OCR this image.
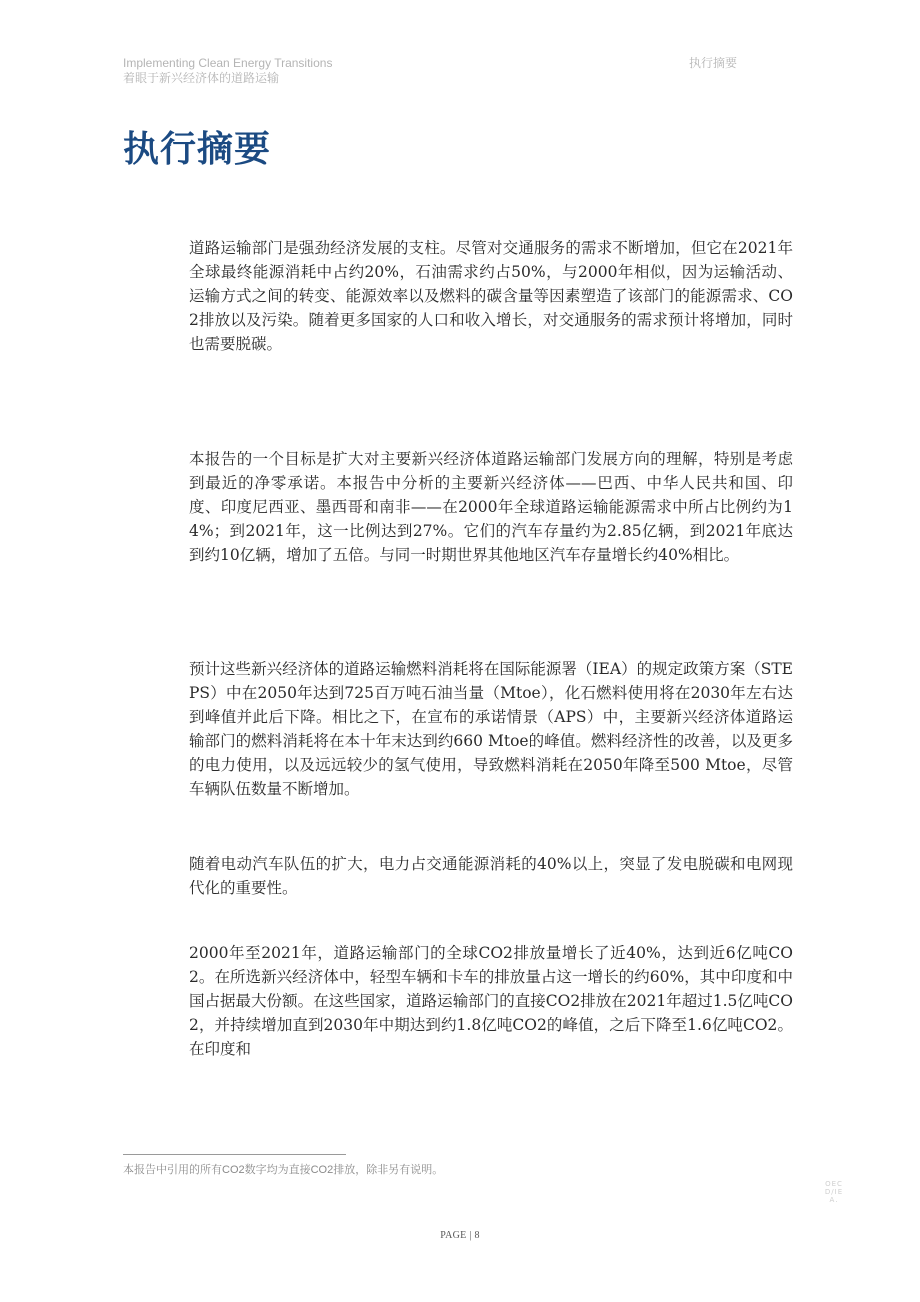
Implementing Clean Energy Transitions
着眼于新兴经济体的道路运输
执行摘要
执行摘要

道路运输部门是强劲经济发展的支柱。尽管对交通服务的需求不断增加，但它在2021年全球最终能源消耗中占约20%，石油需求约占50%，与2000年相似，因为运输活动、运输方式之间的转变、能源效率以及燃料的碳含量等因素塑造了该部门的能源需求、CO2排放以及污染。随着更多国家的人口和收入增长，对交通服务的需求预计将增加，同时也需要脱碳。

本报告的一个目标是扩大对主要新兴经济体道路运输部门发展方向的理解，特别是考虑到最近的净零承诺。本报告中分析的主要新兴经济体——巴西、中华人民共和国、印度、印度尼西亚、墨西哥和南非——在2000年全球道路运输能源需求中所占比例约为14%；到2021年，这一比例达到27%。它们的汽车存量约为2.85亿辆，到2021年底达到约10亿辆，增加了五倍。与同一时期世界其他地区汽车存量增长约40%相比。

预计这些新兴经济体的道路运输燃料消耗将在国际能源署（IEA）的规定政策方案（STEPS）中在2050年达到725百万吨石油当量（Mtoe），化石燃料使用将在2030年左右达到峰值并此后下降。相比之下，在宣布的承诺情景（APS）中，主要新兴经济体道路运输部门的燃料消耗将在本十年末达到约660 Mtoe的峰值。燃料经济性的改善，以及更多的电力使用，以及远远较少的氢气使用，导致燃料消耗在2050年降至500 Mtoe，尽管车辆队伍数量不断增加。

随着电动汽车队伍的扩大，电力占交通能源消耗的40%以上，突显了发电脱碳和电网现代化的重要性。

2000年至2021年，道路运输部门的全球CO2排放量增长了近40%，达到近6亿吨CO2。在所选新兴经济体中，轻型车辆和卡车的排放量占这一增长的约60%，其中印度和中国占据最大份额。在这些国家，道路运输部门的直接CO2排放在2021年超过1.5亿吨CO2，并持续增加直到2030年中期达到约1.8亿吨CO2的峰值，之后下降至1.6亿吨CO2。在印度和

本报告中引用的所有CO2数字均为直接CO2排放，除非另有说明。
PAGE | 8
OECD/IEA.
